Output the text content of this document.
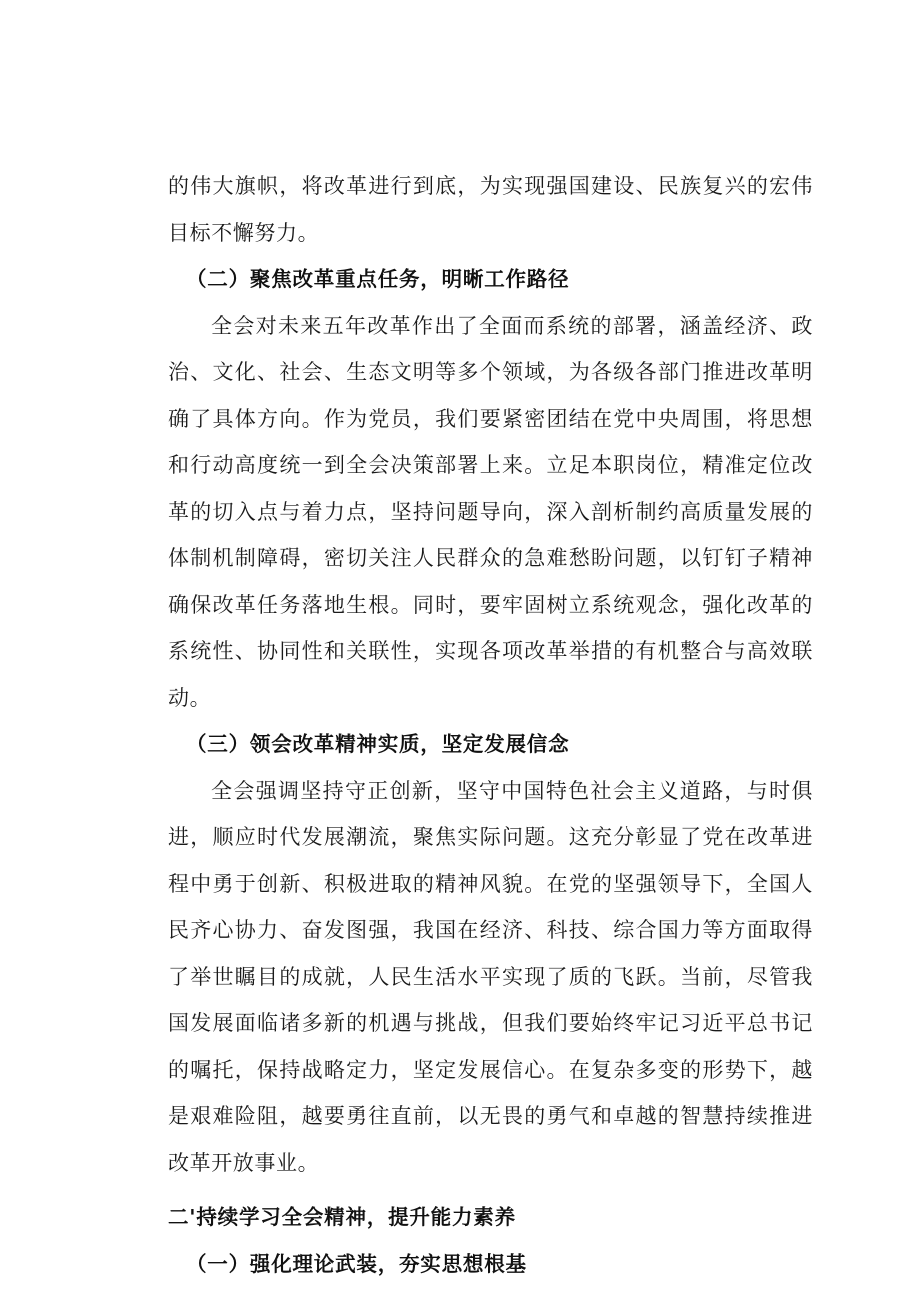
的伟大旗帜，将改革进行到底，为实现强国建设、民族复兴的宏伟目标不懈努力。

（二）聚焦改革重点任务，明晰工作路径

全会对未来五年改革作出了全面而系统的部署，涵盖经济、政治、文化、社会、生态文明等多个领域，为各级各部门推进改革明确了具体方向。作为党员，我们要紧密团结在党中央周围，将思想和行动高度统一到全会决策部署上来。立足本职岗位，精准定位改革的切入点与着力点，坚持问题导向，深入剖析制约高质量发展的体制机制障碍，密切关注人民群众的急难愁盼问题，以钉钉子精神确保改革任务落地生根。同时，要牢固树立系统观念，强化改革的系统性、协同性和关联性，实现各项改革举措的有机整合与高效联动。

（三）领会改革精神实质，坚定发展信念

全会强调坚持守正创新，坚守中国特色社会主义道路，与时俱进，顺应时代发展潮流，聚焦实际问题。这充分彰显了党在改革进程中勇于创新、积极进取的精神风貌。在党的坚强领导下，全国人民齐心协力、奋发图强，我国在经济、科技、综合国力等方面取得了举世瞩目的成就，人民生活水平实现了质的飞跃。当前，尽管我国发展面临诸多新的机遇与挑战，但我们要始终牢记习近平总书记的嘱托，保持战略定力，坚定发展信心。在复杂多变的形势下，越是艰难险阻，越要勇往直前，以无畏的勇气和卓越的智慧持续推进改革开放事业。

二'持续学习全会精神，提升能力素养

（一）强化理论武装，夯实思想根基
